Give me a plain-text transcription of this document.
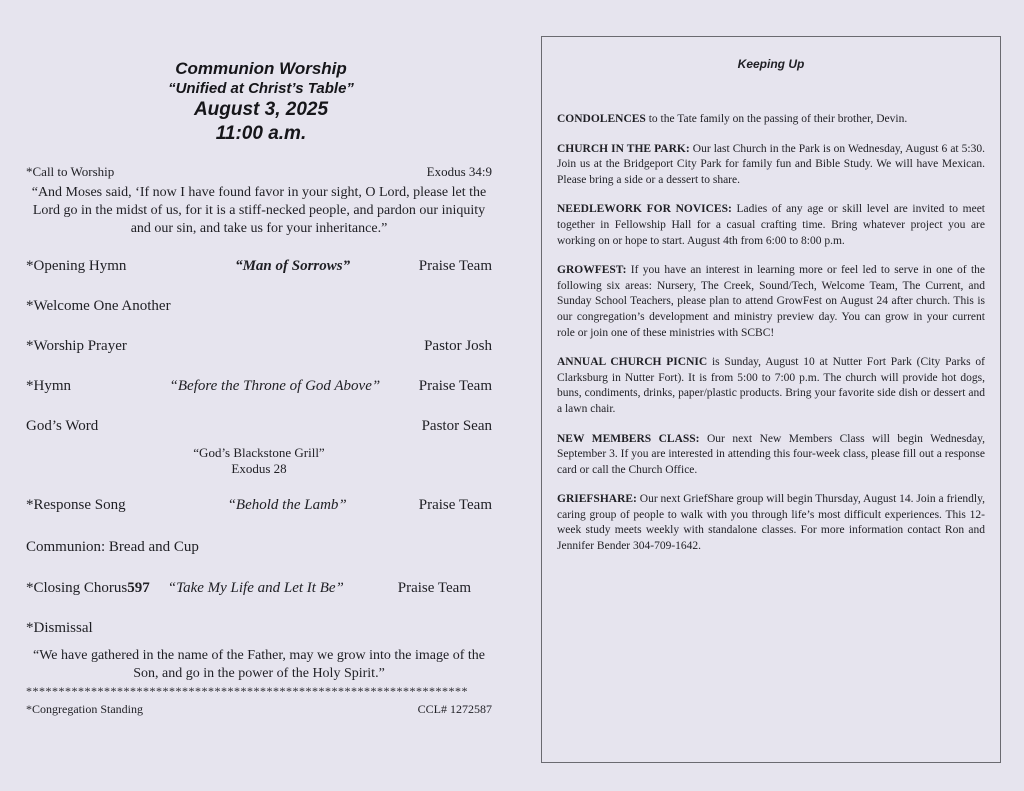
Communion Worship
“Unified at Christ’s Table”
August 3, 2025
11:00 a.m.
*Call to Worship	Exodus 34:9
“And Moses said, ‘If now I have found favor in your sight, O Lord, please let the Lord go in the midst of us, for it is a stiff-necked people, and pardon our iniquity and our sin, and take us for your inheritance.”
*Opening Hymn	“Man of Sorrows”	Praise Team
*Welcome One Another
*Worship Prayer	Pastor Josh
*Hymn	“Before the Throne of God Above”	Praise Team
God’s Word	Pastor Sean
“God’s Blackstone Grill”
Exodus 28
*Response Song	“Behold the Lamb”	Praise Team
Communion: Bread and Cup
*Closing Chorus 597 “Take My Life and Let It Be”	Praise Team
*Dismissal
“We have gathered in the name of the Father, may we grow into the image of the Son, and go in the power of the Holy Spirit.”
********************************************************************
*Congregation Standing	CCL# 1272587
Keeping Up

CONDOLENCES to the Tate family on the passing of their brother, Devin.

CHURCH IN THE PARK: Our last Church in the Park is on Wednesday, August 6 at 5:30. Join us at the Bridgeport City Park for family fun and Bible Study. We will have Mexican. Please bring a side or a dessert to share.

NEEDLEWORK FOR NOVICES: Ladies of any age or skill level are invited to meet together in Fellowship Hall for a casual crafting time. Bring whatever project you are working on or hope to start. August 4th from 6:00 to 8:00 p.m.

GROWFEST: If you have an interest in learning more or feel led to serve in one of the following six areas: Nursery, The Creek, Sound/Tech, Welcome Team, The Current, and Sunday School Teachers, please plan to attend GrowFest on August 24 after church. This is our congregation’s development and ministry preview day. You can grow in your current role or join one of these ministries with SCBC!

ANNUAL CHURCH PICNIC is Sunday, August 10 at Nutter Fort Park (City Parks of Clarksburg in Nutter Fort). It is from 5:00 to 7:00 p.m. The church will provide hot dogs, buns, condiments, drinks, paper/plastic products. Bring your favorite side dish or dessert and a lawn chair.

NEW MEMBERS CLASS: Our next New Members Class will begin Wednesday, September 3. If you are interested in attending this four-week class, please fill out a response card or call the Church Office.

GRIEFSHARE: Our next GriefShare group will begin Thursday, August 14. Join a friendly, caring group of people to walk with you through life’s most difficult experiences. This 12-week study meets weekly with standalone classes. For more information contact Ron and Jennifer Bender 304-709-1642.
